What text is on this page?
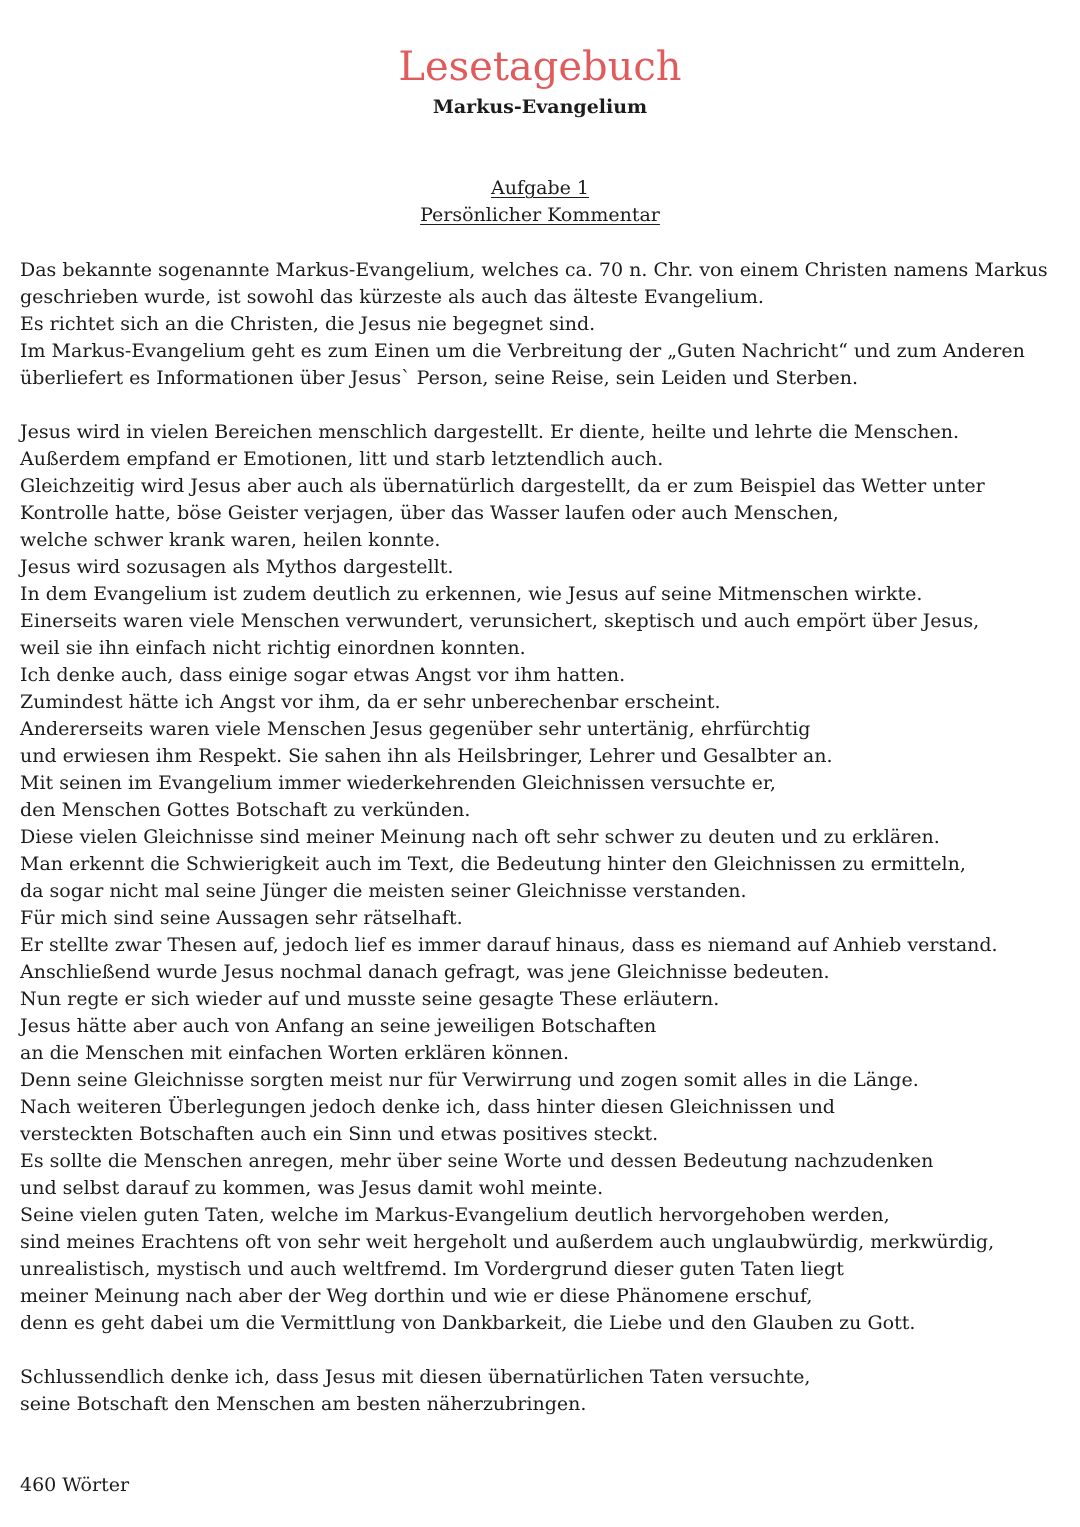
Lesetagebuch
Markus-Evangelium
Aufgabe 1
Persönlicher Kommentar
Das bekannte sogenannte Markus-Evangelium, welches ca. 70 n. Chr. von einem Christen namens Markus
geschrieben wurde, ist sowohl das kürzeste als auch das älteste Evangelium.
Es richtet sich an die Christen, die Jesus nie begegnet sind.
Im Markus-Evangelium geht es zum Einen um die Verbreitung der „Guten Nachricht“ und zum Anderen
überliefert es Informationen über Jesus` Person, seine Reise, sein Leiden und Sterben.
Jesus wird in vielen Bereichen menschlich dargestellt. Er diente, heilte und lehrte die Menschen.
Außerdem empfand er Emotionen, litt und starb letztendlich auch.
Gleichzeitig wird Jesus aber auch als übernatürlich dargestellt, da er zum Beispiel das Wetter unter
Kontrolle hatte, böse Geister verjagen, über das Wasser laufen oder auch Menschen,
welche schwer krank waren, heilen konnte.
Jesus wird sozusagen als Mythos dargestellt.
In dem Evangelium ist zudem deutlich zu erkennen, wie Jesus auf seine Mitmenschen wirkte.
Einerseits waren viele Menschen verwundert, verunsichert, skeptisch und auch empört über Jesus,
weil sie ihn einfach nicht richtig einordnen konnten.
Ich denke auch, dass einige sogar etwas Angst vor ihm hatten.
Zumindest hätte ich Angst vor ihm, da er sehr unberechenbar erscheint.
Andererseits waren viele Menschen Jesus gegenüber sehr untertänig, ehrfürchtig
und erwiesen ihm Respekt. Sie sahen ihn als Heilsbringer, Lehrer und Gesalbter an.
Mit seinen im Evangelium immer wiederkehrenden Gleichnissen versuchte er,
den Menschen Gottes Botschaft zu verkünden.
Diese vielen Gleichnisse sind meiner Meinung nach oft sehr schwer zu deuten und zu erklären.
Man erkennt die Schwierigkeit auch im Text, die Bedeutung hinter den Gleichnissen zu ermitteln,
da sogar nicht mal seine Jünger die meisten seiner Gleichnisse verstanden.
Für mich sind seine Aussagen sehr rätselhaft.
Er stellte zwar Thesen auf, jedoch lief es immer darauf hinaus, dass es niemand auf Anhieb verstand.
Anschließend wurde Jesus nochmal danach gefragt, was jene Gleichnisse bedeuten.
Nun regte er sich wieder auf und musste seine gesagte These erläutern.
Jesus hätte aber auch von Anfang an seine jeweiligen Botschaften
an die Menschen mit einfachen Worten erklären können.
Denn seine Gleichnisse sorgten meist nur für Verwirrung und zogen somit alles in die Länge.
Nach weiteren Überlegungen jedoch denke ich, dass hinter diesen Gleichnissen und
versteckten Botschaften auch ein Sinn und etwas positives steckt.
Es sollte die Menschen anregen, mehr über seine Worte und dessen Bedeutung nachzudenken
und selbst darauf zu kommen, was Jesus damit wohl meinte.
Seine vielen guten Taten, welche im Markus-Evangelium deutlich hervorgehoben werden,
sind meines Erachtens oft von sehr weit hergeholt und außerdem auch unglaubwürdig, merkwürdig,
unrealistisch, mystisch und auch weltfremd. Im Vordergrund dieser guten Taten liegt
meiner Meinung nach aber der Weg dorthin und wie er diese Phänomene erschuf,
denn es geht dabei um die Vermittlung von Dankbarkeit, die Liebe und den Glauben zu Gott.
Schlussendlich denke ich, dass Jesus mit diesen übernatürlichen Taten versuchte,
seine Botschaft den Menschen am besten näherzubringen.
460 Wörter
